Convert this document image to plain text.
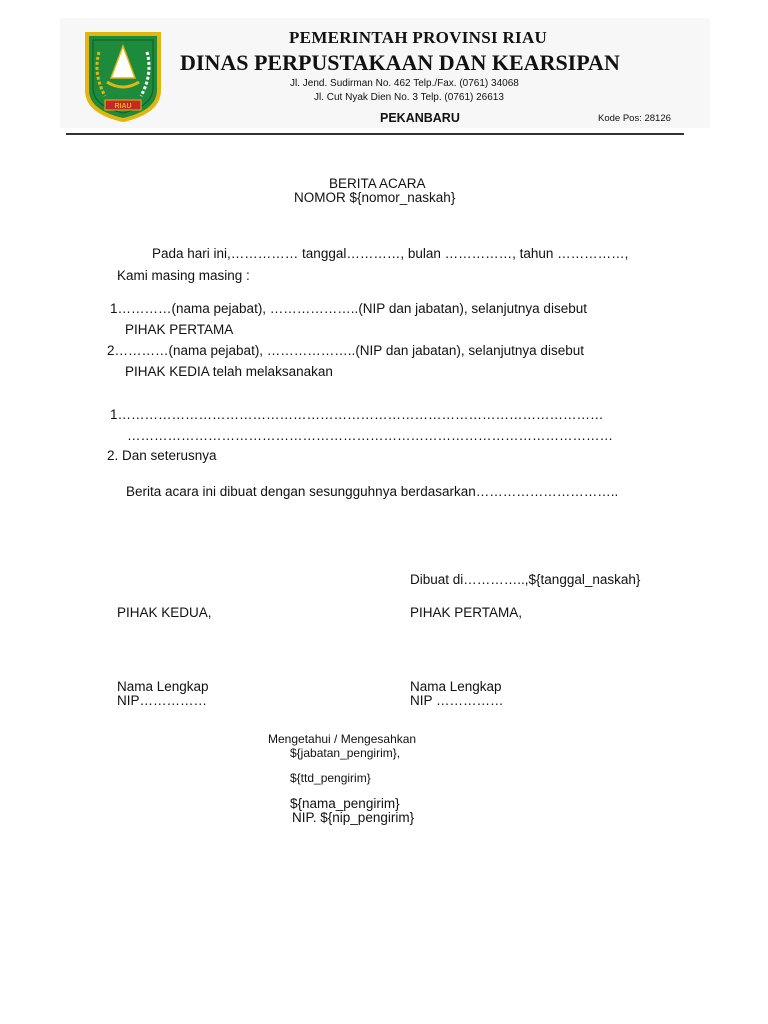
RIAU
PEMERINTAH PROVINSI RIAU
DINAS PERPUSTAKAAN DAN KEARSIPAN
Jl. Jend. Sudirman No. 462 Telp./Fax. (0761) 34068
Jl. Cut Nyak Dien No. 3 Telp. (0761) 26613
PEKANBARU	Kode Pos: 28126
BERITA ACARA
NOMOR ${nomor_naskah}
Pada hari ini,…………… tanggal…………, bulan ……………, tahun ……………,
Kami masing masing :
1…………(nama pejabat), ………………..(NIP dan jabatan), selanjutnya disebut
PIHAK PERTAMA
2…………(nama pejabat), ………………..(NIP dan jabatan), selanjutnya disebut
PIHAK KEDIA telah melaksanakan
1………………………………………………………………………………………………
………………………………………………………………………………………………
2. Dan seterusnya
Berita acara ini dibuat dengan sesungguhnya berdasarkan…………………………..
Dibuat di…………..,${tanggal_naskah}
PIHAK KEDUA,	PIHAK PERTAMA,
Nama Lengkap
NIP……………
Nama Lengkap
NIP ……………
Mengetahui / Mengesahkan
${jabatan_pengirim},
${ttd_pengirim}
${nama_pengirim}
NIP. ${nip_pengirim}
